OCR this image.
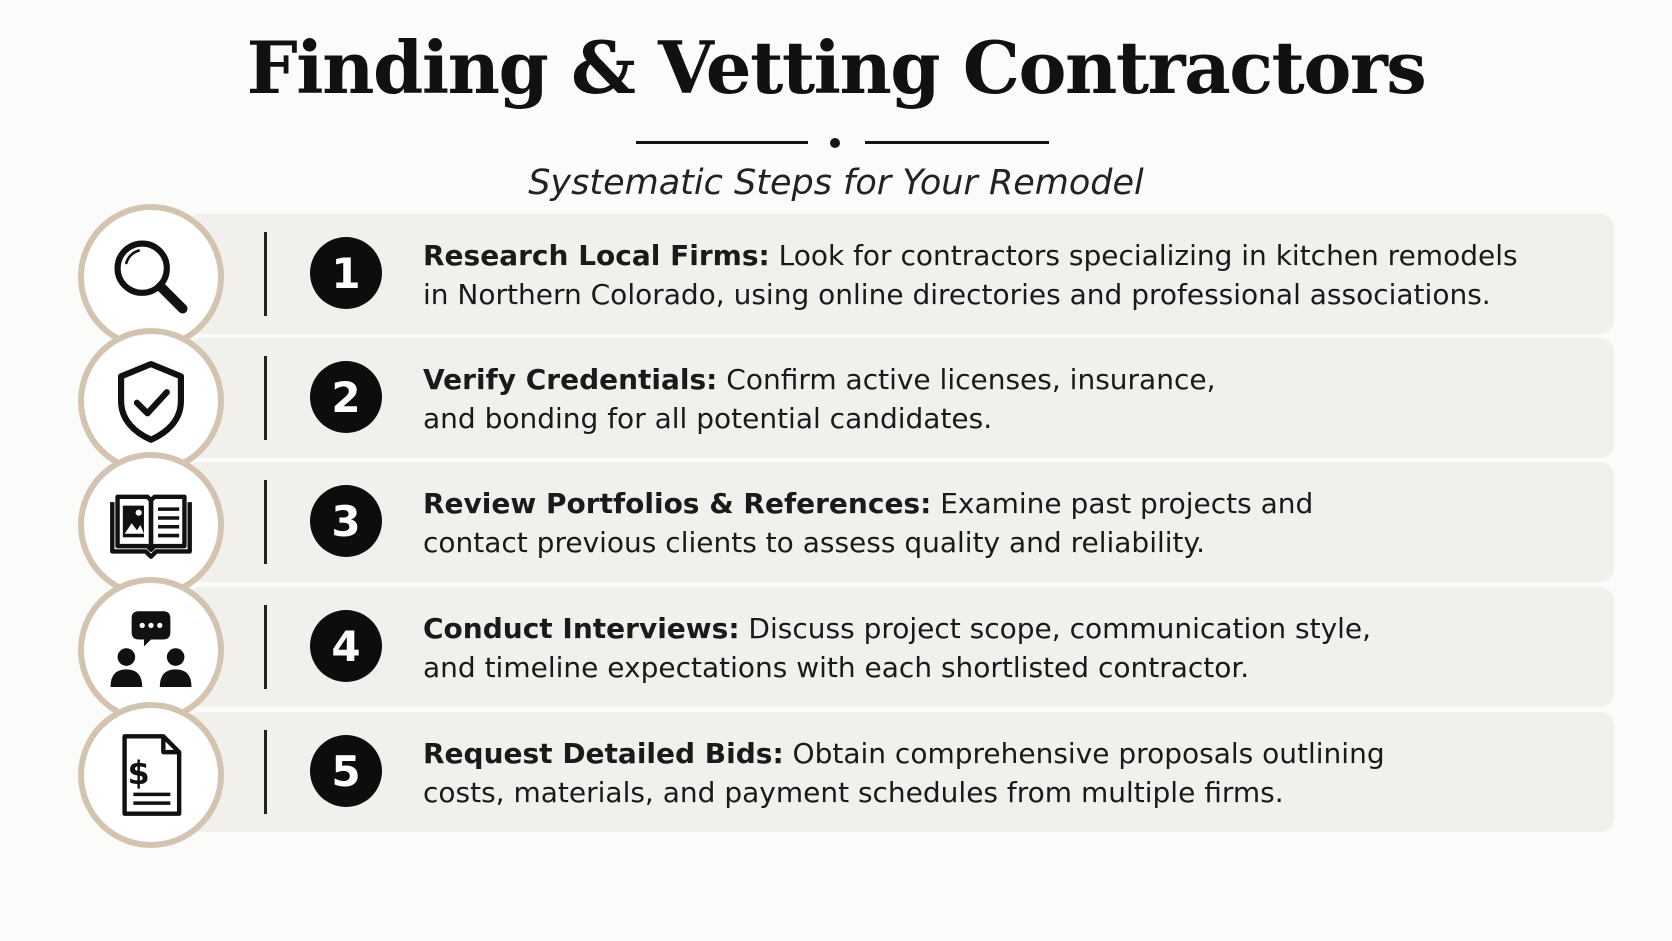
Finding & Vetting Contractors
Systematic Steps for Your Remodel
1	Research Local Firms: Look for contractors specializing in kitchen remodels
in Northern Colorado, using online directories and professional associations.
2	Verify Credentials: Confirm active licenses, insurance,
and bonding for all potential candidates.
3	Review Portfolios & References: Examine past projects and
contact previous clients to assess quality and reliability.
4	Conduct Interviews: Discuss project scope, communication style,
and timeline expectations with each shortlisted contractor.
$	5	Request Detailed Bids: Obtain comprehensive proposals outlining
costs, materials, and payment schedules from multiple firms.
